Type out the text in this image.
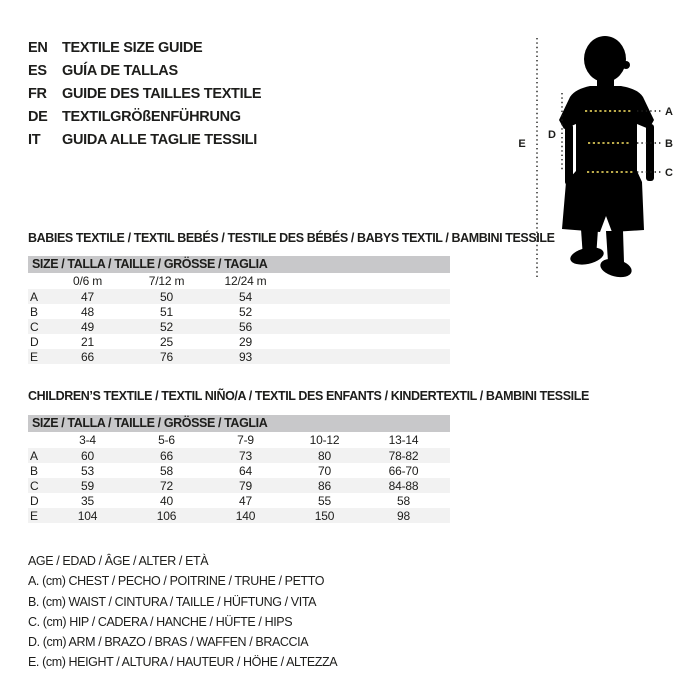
EN TEXTILE SIZE GUIDE
ES	GUÍA DE TALLAS
FR	GUIDE DES TAILLES TEXTILE
DE TEXTILGRÖßENFÜHRUNG
IT	GUIDA ALLE TAGLIE TESSILI
A
B
C
D
E
BABIES TEXTILE / TEXTIL BEBÉS / TESTILE DES BÉBÉS / BABYS TEXTIL / BAMBINI TESSILE
SIZE / TALLA / TAILLE / GRÖSSE / TAGLIA
0/6 m	7/12 m	12/24 m
A	47	50	54
B	48	51	52
C	49	52	56
D	21	25	29
E	66	76	93
CHILDREN’S TEXTILE / TEXTIL NIÑO/A / TEXTIL DES ENFANTS / KINDERTEXTIL / BAMBINI TESSILE
SIZE / TALLA / TAILLE / GRÖSSE / TAGLIA
3-4	5-6	7-9	10-12	13-14
A	60	66	73	80	78-82
B	53	58	64	70	66-70
C	59	72	79	86	84-88
D	35	40	47	55	58
E	104	106	140	150	98
AGE / EDAD / ÂGE / ALTER / ETÀ
A. (cm) CHEST / PECHO / POITRINE / TRUHE / PETTO
B. (cm) WAIST / CINTURA / TAILLE / HÜFTUNG / VITA
C. (cm) HIP / CADERA / HANCHE / HÜFTE / HIPS
D. (cm) ARM / BRAZO / BRAS / WAFFEN / BRACCIA
E. (cm) HEIGHT / ALTURA / HAUTEUR / HÖHE / ALTEZZA
